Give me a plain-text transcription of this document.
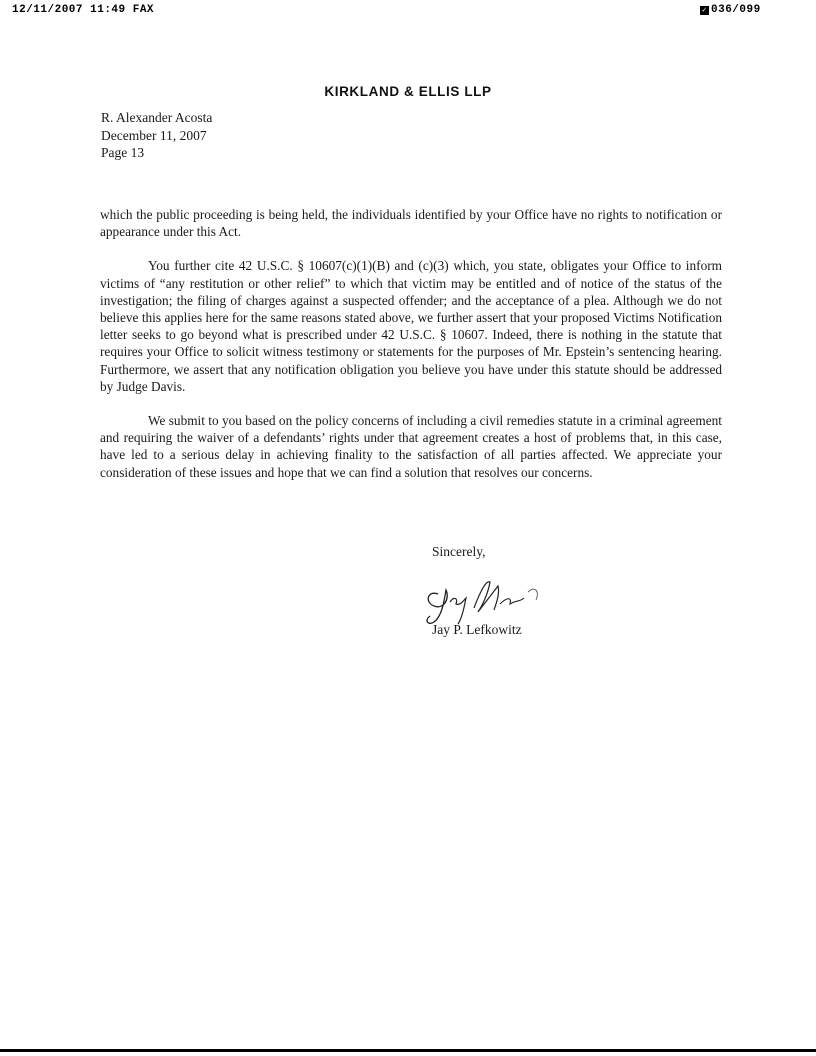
12/11/2007 11:49 FAX	✓ 036/099
KIRKLAND & ELLIS LLP
R. Alexander Acosta
December 11, 2007
Page 13

which the public proceeding is being held, the individuals identified by your Office have no rights to notification or appearance under this Act.

You further cite 42 U.S.C. § 10607(c)(1)(B) and (c)(3) which, you state, obligates your Office to inform victims of “any restitution or other relief” to which that victim may be entitled and of notice of the status of the investigation; the filing of charges against a suspected offender; and the acceptance of a plea. Although we do not believe this applies here for the same reasons stated above, we further assert that your proposed Victims Notification letter seeks to go beyond what is prescribed under 42 U.S.C. § 10607. Indeed, there is nothing in the statute that requires your Office to solicit witness testimony or statements for the purposes of Mr. Epstein’s sentencing hearing. Furthermore, we assert that any notification obligation you believe you have under this statute should be addressed by Judge Davis.

We submit to you based on the policy concerns of including a civil remedies statute in a criminal agreement and requiring the waiver of a defendants’ rights under that agreement creates a host of problems that, in this case, have led to a serious delay in achieving finality to the satisfaction of all parties affected. We appreciate your consideration of these issues and hope that we can find a solution that resolves our concerns.

Sincerely,
Jay P. Lefkowitz
